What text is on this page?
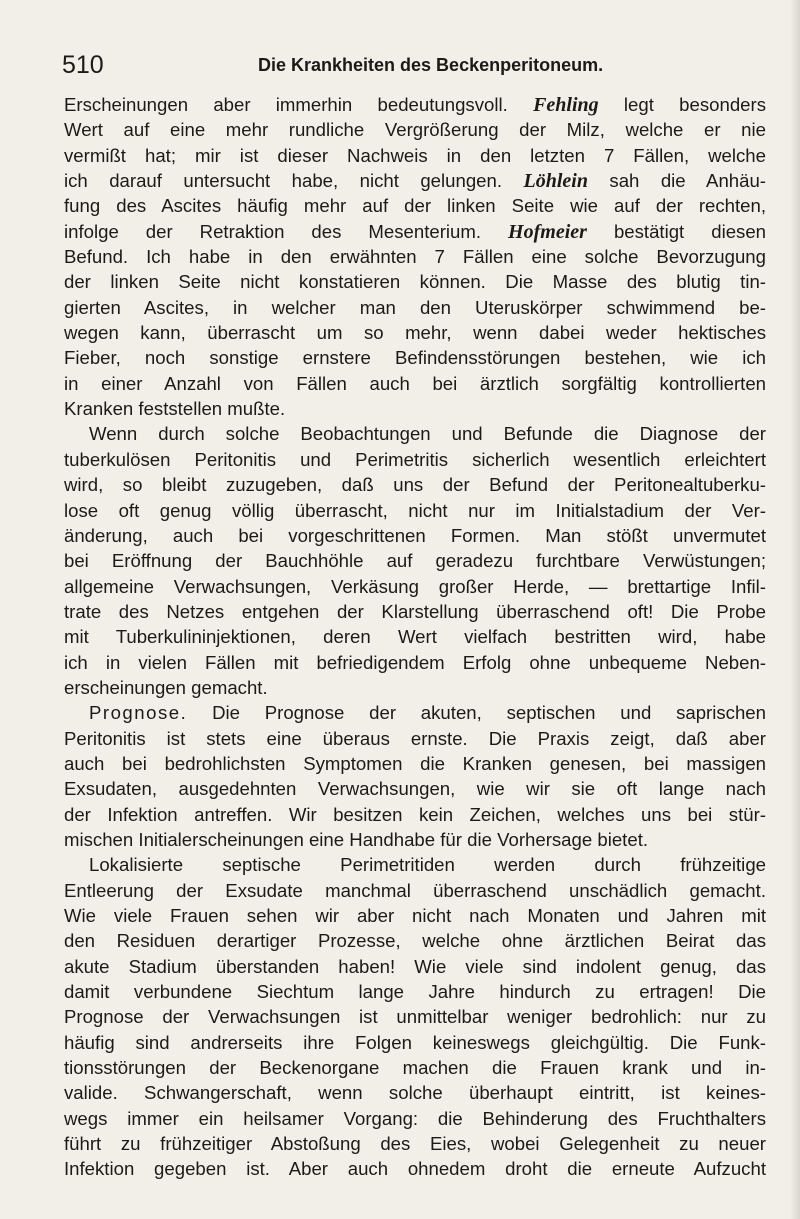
510	Die Krankheiten des Beckenperitoneum.
Erscheinungen aber immerhin bedeutungsvoll. Fehling legt besonders
Wert auf eine mehr rundliche Vergrößerung der Milz, welche er nie
vermißt hat; mir ist dieser Nachweis in den letzten 7 Fällen, welche
ich darauf untersucht habe, nicht gelungen. Löhlein sah die Anhäu-
fung des Ascites häufig mehr auf der linken Seite wie auf der rechten,
infolge der Retraktion des Mesenterium. Hofmeier bestätigt diesen
Befund. Ich habe in den erwähnten 7 Fällen eine solche Bevorzugung
der linken Seite nicht konstatieren können. Die Masse des blutig tin-
gierten Ascites, in welcher man den Uteruskörper schwimmend be-
wegen kann, überrascht um so mehr, wenn dabei weder hektisches
Fieber, noch sonstige ernstere Befindensstörungen bestehen, wie ich
in einer Anzahl von Fällen auch bei ärztlich sorgfältig kontrollierten
Kranken feststellen mußte.
Wenn durch solche Beobachtungen und Befunde die Diagnose der
tuberkulösen Peritonitis und Perimetritis sicherlich wesentlich erleichtert
wird, so bleibt zuzugeben, daß uns der Befund der Peritonealtuberku-
lose oft genug völlig überrascht, nicht nur im Initialstadium der Ver-
änderung, auch bei vorgeschrittenen Formen. Man stößt unvermutet
bei Eröffnung der Bauchhöhle auf geradezu furchtbare Verwüstungen;
allgemeine Verwachsungen, Verkäsung großer Herde, — brettartige Infil-
trate des Netzes entgehen der Klarstellung überraschend oft! Die Probe
mit Tuberkulininjektionen, deren Wert vielfach bestritten wird, habe
ich in vielen Fällen mit befriedigendem Erfolg ohne unbequeme Neben-
erscheinungen gemacht.
Prognose. Die Prognose der akuten, septischen und saprischen
Peritonitis ist stets eine überaus ernste. Die Praxis zeigt, daß aber
auch bei bedrohlichsten Symptomen die Kranken genesen, bei massigen
Exsudaten, ausgedehnten Verwachsungen, wie wir sie oft lange nach
der Infektion antreffen. Wir besitzen kein Zeichen, welches uns bei stür-
mischen Initialerscheinungen eine Handhabe für die Vorhersage bietet.
Lokalisierte septische Perimetritiden werden durch frühzeitige
Entleerung der Exsudate manchmal überraschend unschädlich gemacht.
Wie viele Frauen sehen wir aber nicht nach Monaten und Jahren mit
den Residuen derartiger Prozesse, welche ohne ärztlichen Beirat das
akute Stadium überstanden haben! Wie viele sind indolent genug, das
damit verbundene Siechtum lange Jahre hindurch zu ertragen! Die
Prognose der Verwachsungen ist unmittelbar weniger bedrohlich: nur zu
häufig sind andrerseits ihre Folgen keineswegs gleichgültig. Die Funk-
tionsstörungen der Beckenorgane machen die Frauen krank und in-
valide. Schwangerschaft, wenn solche überhaupt eintritt, ist keines-
wegs immer ein heilsamer Vorgang: die Behinderung des Fruchthalters
führt zu frühzeitiger Abstoßung des Eies, wobei Gelegenheit zu neuer
Infektion gegeben ist. Aber auch ohnedem droht die erneute Aufzucht
